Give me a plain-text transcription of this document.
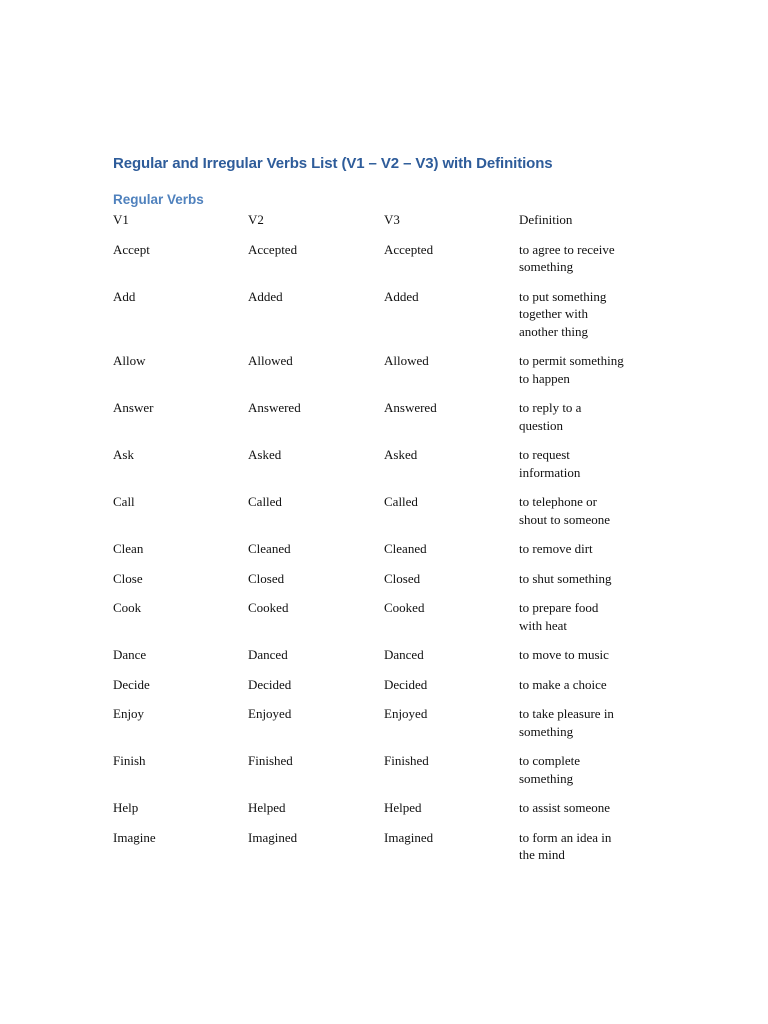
Regular and Irregular Verbs List (V1 – V2 – V3) with Definitions
Regular Verbs
V1	V2	V3	Definition
Accept	Accepted	Accepted	to agree to receive
something
Add	Added	Added	to put something
together with
another thing
Allow	Allowed	Allowed	to permit something
to happen
Answer	Answered	Answered	to reply to a
question
Ask	Asked	Asked	to request
information
Call	Called	Called	to telephone or
shout to someone
Clean	Cleaned	Cleaned	to remove dirt
Close	Closed	Closed	to shut something
Cook	Cooked	Cooked	to prepare food
with heat
Dance	Danced	Danced	to move to music
Decide	Decided	Decided	to make a choice
Enjoy	Enjoyed	Enjoyed	to take pleasure in
something
Finish	Finished	Finished	to complete
something
Help	Helped	Helped	to assist someone
Imagine	Imagined	Imagined	to form an idea in
the mind
